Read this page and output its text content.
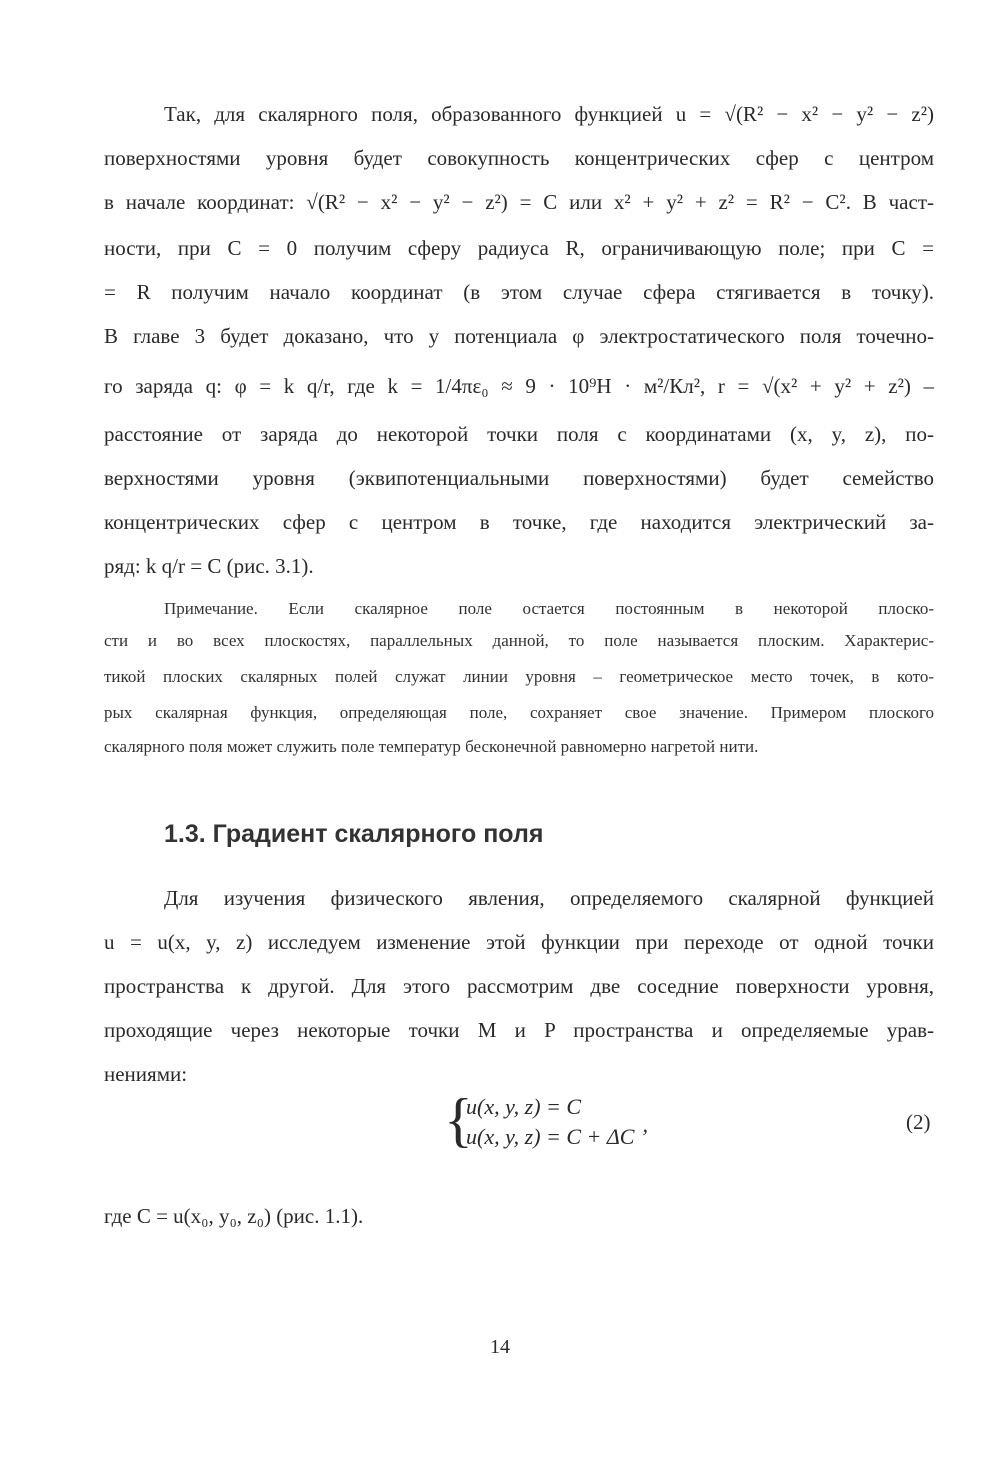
Так, для скалярного поля, образованного функцией u = √(R² − x² − y² − z²)
поверхностями уровня будет совокупность концентрических сфер с центром
в начале координат: √(R² − x² − y² − z²) = C или x² + y² + z² = R² − C². В част-
ности, при C = 0 получим сферу радиуса R, ограничивающую поле; при C =
= R получим начало координат (в этом случае сфера стягивается в точку).
В главе 3 будет доказано, что у потенциала φ электростатического поля точечно-
го заряда q: φ = k q/r, где k = 1/4πε₀ ≈ 9 · 10⁹Н · м²/Кл², r = √(x² + y² + z²) –
расстояние от заряда до некоторой точки поля с координатами (x, y, z), по-
верхностями уровня (эквипотенциальными поверхностями) будет семейство
концентрических сфер с центром в точке, где находится электрический за-
ряд: k q/r = C (рис. 3.1).
Примечание. Если скалярное поле остается постоянным в некоторой плоско-
сти и во всех плоскостях, параллельных данной, то поле называется плоским. Характерис-
тикой плоских скалярных полей служат линии уровня – геометрическое место точек, в кото-
рых скалярная функция, определяющая поле, сохраняет свое значение. Примером плоского
скалярного поля может служить поле температур бесконечной равномерно нагретой нити.
1.3. Градиент скалярного поля
Для изучения физического явления, определяемого скалярной функцией
u = u(x, y, z) исследуем изменение этой функции при переходе от одной точки
пространства к другой. Для этого рассмотрим две соседние поверхности уровня,
проходящие через некоторые точки M и P пространства и определяемые урав-
нениями:
{
u(x, y, z) = C
u(x, y, z) = C + ΔC ’
(2)
где C = u(x₀, y₀, z₀) (рис. 1.1).
14
